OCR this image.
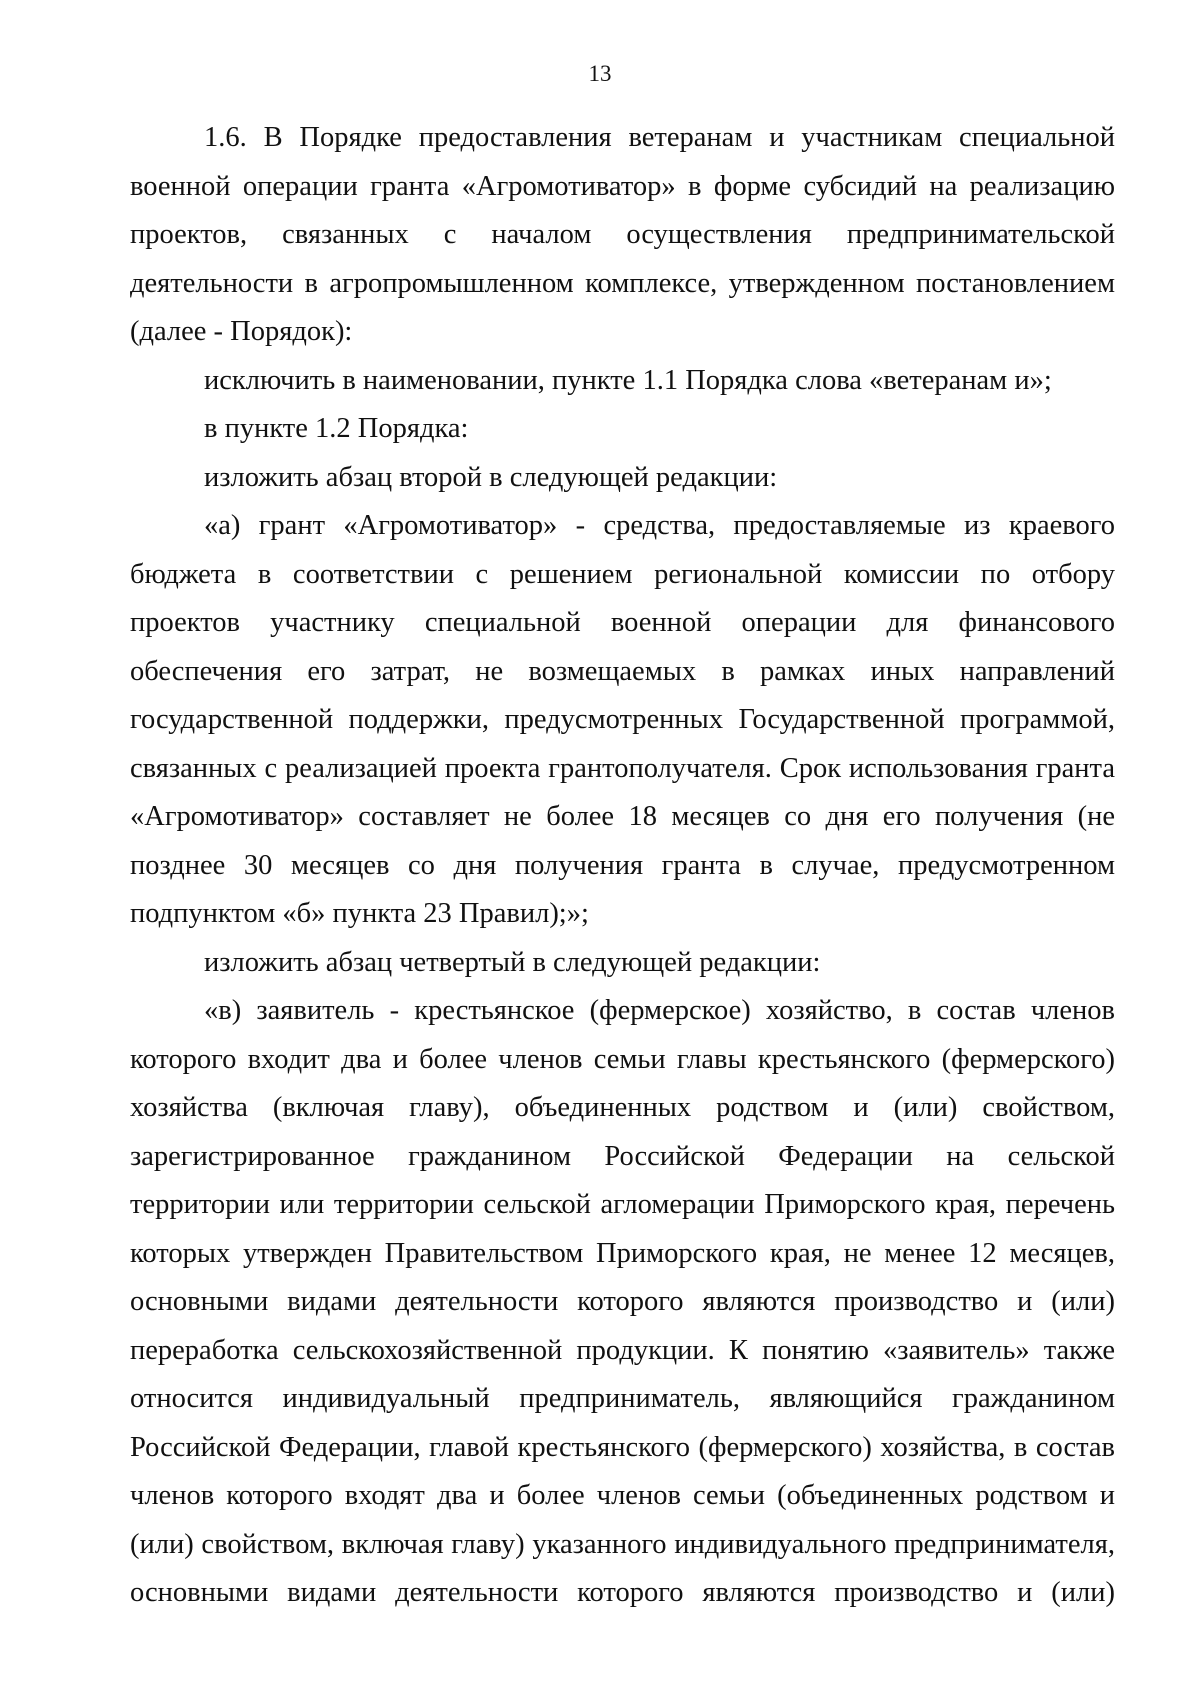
13

1.6. В Порядке предоставления ветеранам и участникам специальной военной операции гранта «Агромотиватор» в форме субсидий на реализацию проектов, связанных с началом осуществления предпринимательской деятельности в агропромышленном комплексе, утвержденном постановлением (далее - Порядок):

исключить в наименовании, пункте 1.1 Порядка слова «ветеранам и»;

в пункте 1.2 Порядка:

изложить абзац второй в следующей редакции:

«а) грант «Агромотиватор» - средства, предоставляемые из краевого бюджета в соответствии с решением региональной комиссии по отбору проектов участнику специальной военной операции для финансового обеспечения его затрат, не возмещаемых в рамках иных направлений государственной поддержки, предусмотренных Государственной программой, связанных с реализацией проекта грантополучателя. Срок использования гранта «Агромотиватор» составляет не более 18 месяцев со дня его получения (не позднее 30 месяцев со дня получения гранта в случае, предусмотренном подпунктом «б» пункта 23 Правил);»;

изложить абзац четвертый в следующей редакции:

«в) заявитель - крестьянское (фермерское) хозяйство, в состав членов которого входит два и более членов семьи главы крестьянского (фермерского) хозяйства (включая главу), объединенных родством и (или) свойством, зарегистрированное гражданином Российской Федерации на сельской территории или территории сельской агломерации Приморского края, перечень которых утвержден Правительством Приморского края, не менее 12 месяцев, основными видами деятельности которого являются производство и (или) переработка сельскохозяйственной продукции. К понятию «заявитель» также относится индивидуальный предприниматель, являющийся гражданином Российской Федерации, главой крестьянского (фермерского) хозяйства, в состав членов которого входят два и более членов семьи (объединенных родством и (или) свойством, включая главу) указанного индивидуального предпринимателя, основными видами деятельности которого являются производство и (или)
